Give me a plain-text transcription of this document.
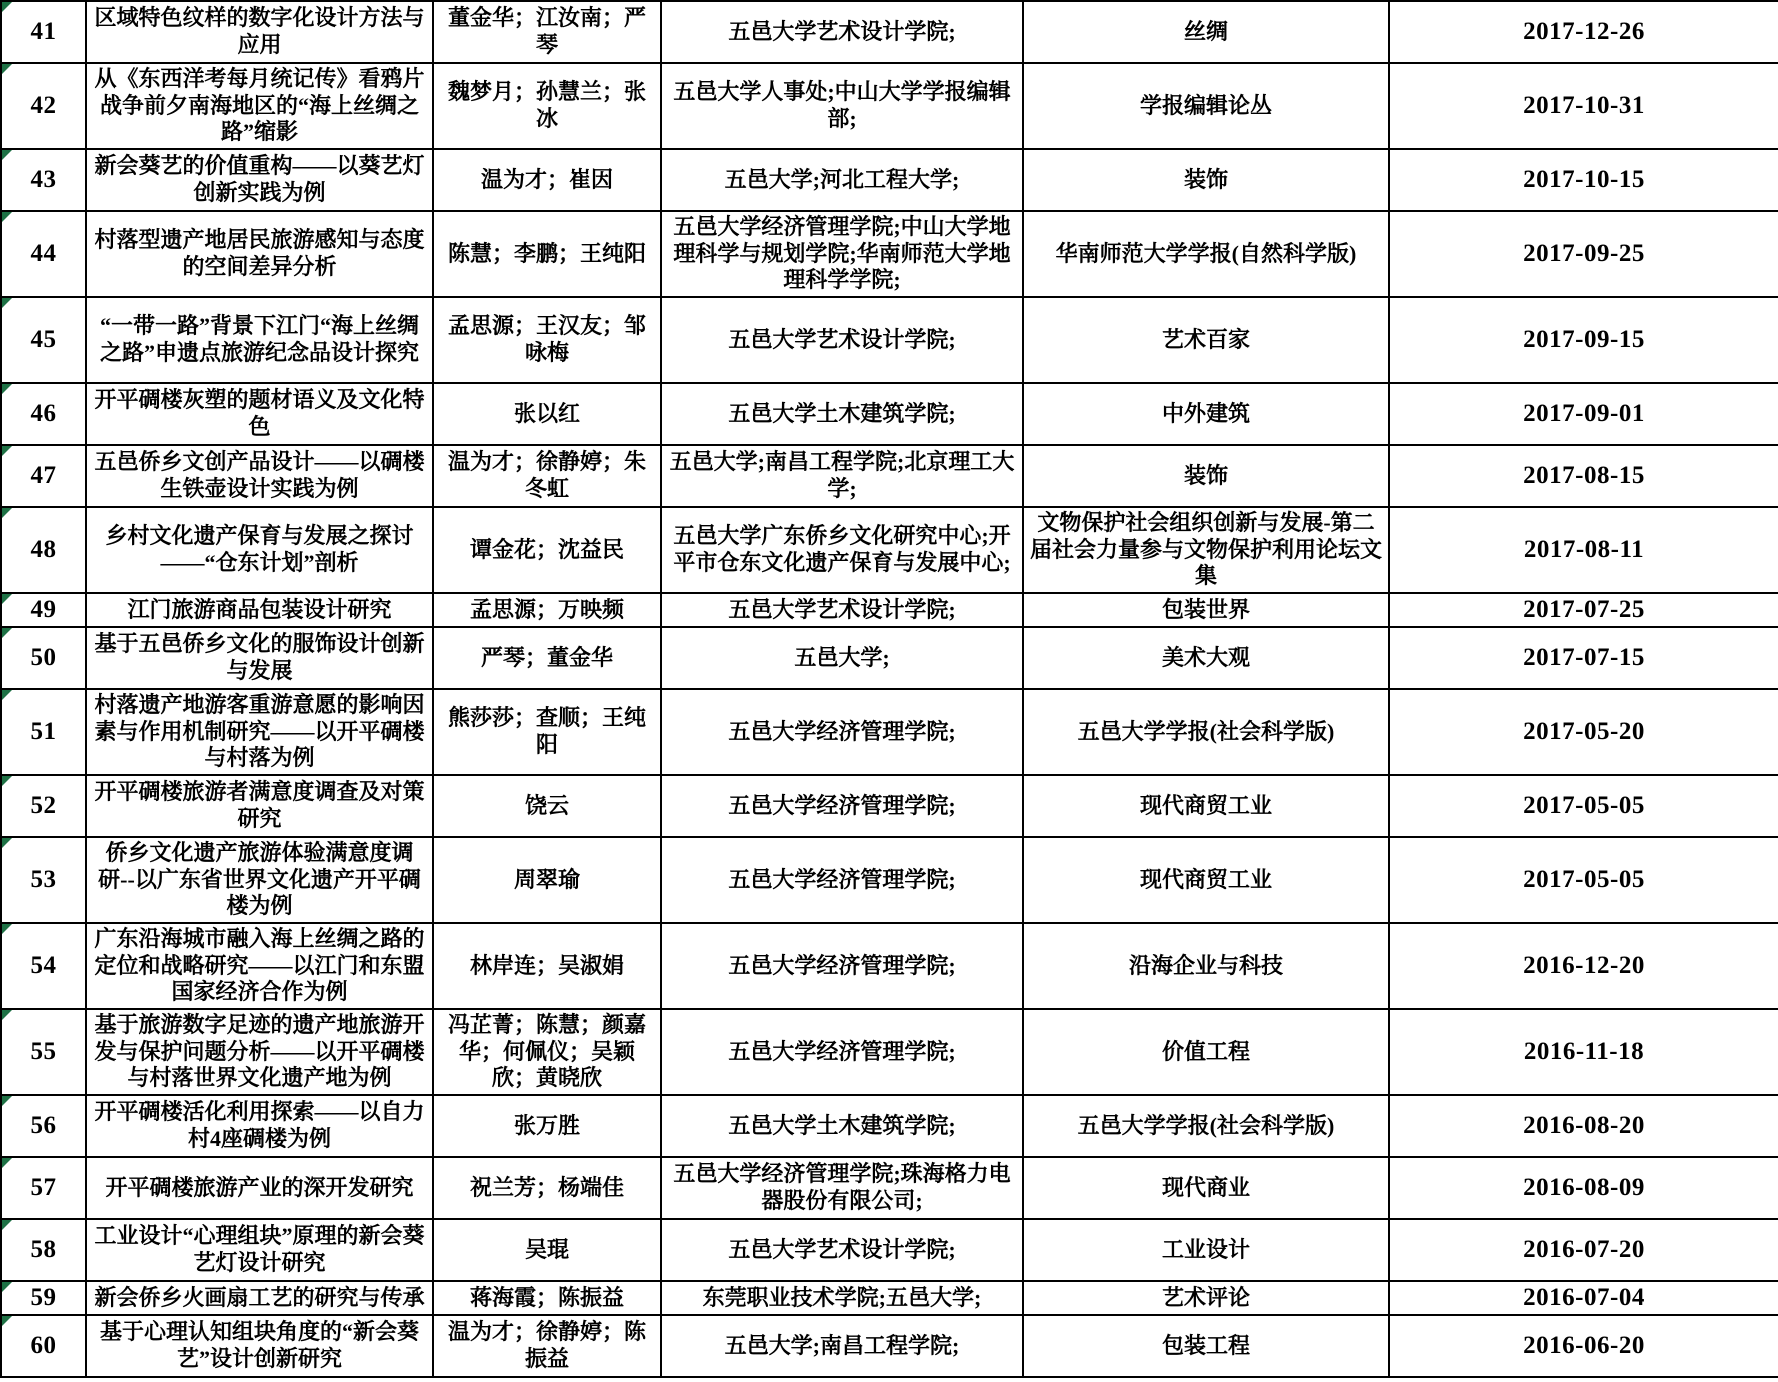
41	区域特色纹样的数字化设计方法与应用	董金华；江汝南；严琴	五邑大学艺术设计学院;	丝绸	2017-12-26

42	从《东西洋考每月统记传》看鸦片战争前夕南海地区的“海上丝绸之路”缩影	魏梦月；孙慧兰；张冰	五邑大学人事处;中山大学学报编辑部;	学报编辑论丛	2017-10-31

43	新会葵艺的价值重构——以葵艺灯创新实践为例	温为才；崔因	五邑大学;河北工程大学;	装饰	2017-10-15

44	村落型遗产地居民旅游感知与态度的空间差异分析	陈慧；李鹏；王纯阳	五邑大学经济管理学院;中山大学地理科学与规划学院;华南师范大学地理科学学院;	华南师范大学学报(自然科学版)	2017-09-25

45	“一带一路”背景下江门“海上丝绸之路”申遗点旅游纪念品设计探究	孟思源；王汉友；邹咏梅	五邑大学艺术设计学院;	艺术百家	2017-09-15

46	开平碉楼灰塑的题材语义及文化特色	张以红	五邑大学土木建筑学院;	中外建筑	2017-09-01

47	五邑侨乡文创产品设计——以碉楼生铁壶设计实践为例	温为才；徐静婷；朱冬虹	五邑大学;南昌工程学院;北京理工大学;	装饰	2017-08-15

48	乡村文化遗产保育与发展之探讨——“仓东计划”剖析	谭金花；沈益民	五邑大学广东侨乡文化研究中心;开平市仓东文化遗产保育与发展中心;	文物保护社会组织创新与发展-第二届社会力量参与文物保护利用论坛文集	2017-08-11

49	江门旅游商品包装设计研究	孟思源；万映频	五邑大学艺术设计学院;	包装世界	2017-07-25

50	基于五邑侨乡文化的服饰设计创新与发展	严琴；董金华	五邑大学;	美术大观	2017-07-15

51	村落遗产地游客重游意愿的影响因素与作用机制研究——以开平碉楼与村落为例	熊莎莎；查顺；王纯阳	五邑大学经济管理学院;	五邑大学学报(社会科学版)	2017-05-20

52	开平碉楼旅游者满意度调查及对策研究	饶云	五邑大学经济管理学院;	现代商贸工业	2017-05-05

53	侨乡文化遗产旅游体验满意度调研--以广东省世界文化遗产开平碉楼为例	周翠瑜	五邑大学经济管理学院;	现代商贸工业	2017-05-05

54	广东沿海城市融入海上丝绸之路的定位和战略研究——以江门和东盟国家经济合作为例	林岸连；吴淑娟	五邑大学经济管理学院;	沿海企业与科技	2016-12-20

55	基于旅游数字足迹的遗产地旅游开发与保护问题分析——以开平碉楼与村落世界文化遗产地为例	冯芷菁；陈慧；颜嘉华；何佩仪；吴颖欣；黄晓欣	五邑大学经济管理学院;	价值工程	2016-11-18

56	开平碉楼活化利用探索——以自力村4座碉楼为例	张万胜	五邑大学土木建筑学院;	五邑大学学报(社会科学版)	2016-08-20

57	开平碉楼旅游产业的深开发研究	祝兰芳；杨端佳	五邑大学经济管理学院;珠海格力电器股份有限公司;	现代商业	2016-08-09

58	工业设计“心理组块”原理的新会葵艺灯设计研究	吴琨	五邑大学艺术设计学院;	工业设计	2016-07-20

59	新会侨乡火画扇工艺的研究与传承	蒋海霞；陈振益	东莞职业技术学院;五邑大学;	艺术评论	2016-07-04

60	基于心理认知组块角度的“新会葵艺”设计创新研究	温为才；徐静婷；陈振益	五邑大学;南昌工程学院;	包装工程	2016-06-20
